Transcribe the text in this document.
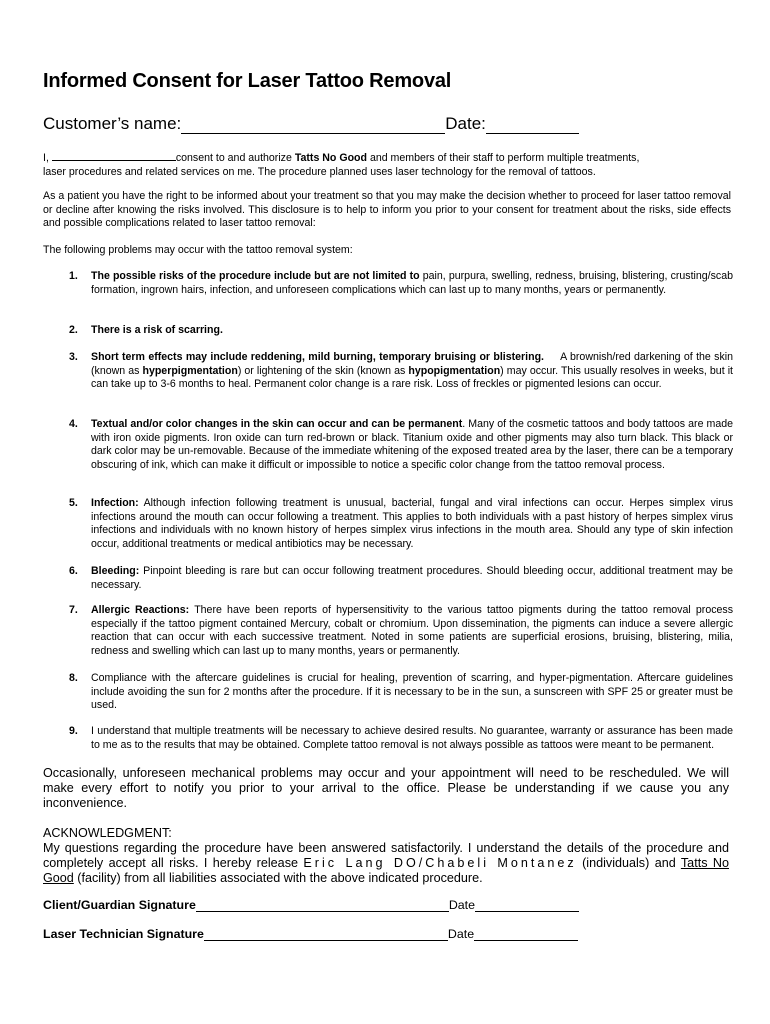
Informed Consent for Laser Tattoo Removal
Customer’s name:	Date:
I,	consent to and authorize Tatts No Good and members of their staff to perform multiple treatments,
laser procedures and related services on me. The procedure planned uses laser technology for the removal of tattoos.
As a patient you have the right to be informed about your treatment so that you may make the decision whether to proceed for laser tattoo removal or decline after knowing the risks involved. This disclosure is to help to inform you prior to your consent for treatment about the risks, side effects and possible complications related to laser tattoo removal:
The following problems may occur with the tattoo removal system:
1. The possible risks of the procedure include but are not limited to pain, purpura, swelling, redness, bruising, blistering, crusting/scab formation, ingrown hairs, infection, and unforeseen complications which can last up to many months, years or permanently.
2. There is a risk of scarring.
3. Short term effects may include reddening, mild burning, temporary bruising or blistering.     A brownish/red darkening of the skin (known as hyperpigmentation) or lightening of the skin (known as hypopigmentation) may occur. This usually resolves in weeks, but it can take up to 3-6 months to heal. Permanent color change is a rare risk. Loss of freckles or pigmented lesions can occur.
4. Textual and/or color changes in the skin can occur and can be permanent. Many of the cosmetic tattoos and body tattoos are made with iron oxide pigments. Iron oxide can turn red-brown or black. Titanium oxide and other pigments may also turn black. This black or dark color may be un-removable. Because of the immediate whitening of the exposed treated area by the laser, there can be a temporary obscuring of ink, which can make it difficult or impossible to notice a specific color change from the tattoo removal process.
5. Infection: Although infection following treatment is unusual, bacterial, fungal and viral infections can occur. Herpes simplex virus infections around the mouth can occur following a treatment. This applies to both individuals with a past history of herpes simplex virus infections and individuals with no known history of herpes simplex virus infections in the mouth area. Should any type of skin infection occur, additional treatments or medical antibiotics may be necessary.
6. Bleeding: Pinpoint bleeding is rare but can occur following treatment procedures. Should bleeding occur, additional treatment may be necessary.
7. Allergic Reactions: There have been reports of hypersensitivity to the various tattoo pigments during the tattoo removal process especially if the tattoo pigment contained Mercury, cobalt or chromium. Upon dissemination, the pigments can induce a severe allergic reaction that can occur with each successive treatment. Noted in some patients are superficial erosions, bruising, blistering, milia, redness and swelling which can last up to many months, years or permanently.
8. Compliance with the aftercare guidelines is crucial for healing, prevention of scarring, and hyper-pigmentation. Aftercare guidelines include avoiding the sun for 2 months after the procedure. If it is necessary to be in the sun, a sunscreen with SPF 25 or greater must be used.
9. I understand that multiple treatments will be necessary to achieve desired results. No guarantee, warranty or assurance has been made to me as to the results that may be obtained. Complete tattoo removal is not always possible as tattoos were meant to be permanent.
Occasionally, unforeseen mechanical problems may occur and your appointment will need to be rescheduled. We will make every effort to notify you prior to your arrival to the office. Please be understanding if we cause you any inconvenience.
ACKNOWLEDGMENT:
My questions regarding the procedure have been answered satisfactorily. I understand the details of the procedure and completely accept all risks. I hereby release Eric Lang DO/Chabeli Montanez (individuals) and Tatts No Good (facility) from all liabilities associated with the above indicated procedure.
Client/Guardian Signature	Date
Laser Technician Signature	Date
